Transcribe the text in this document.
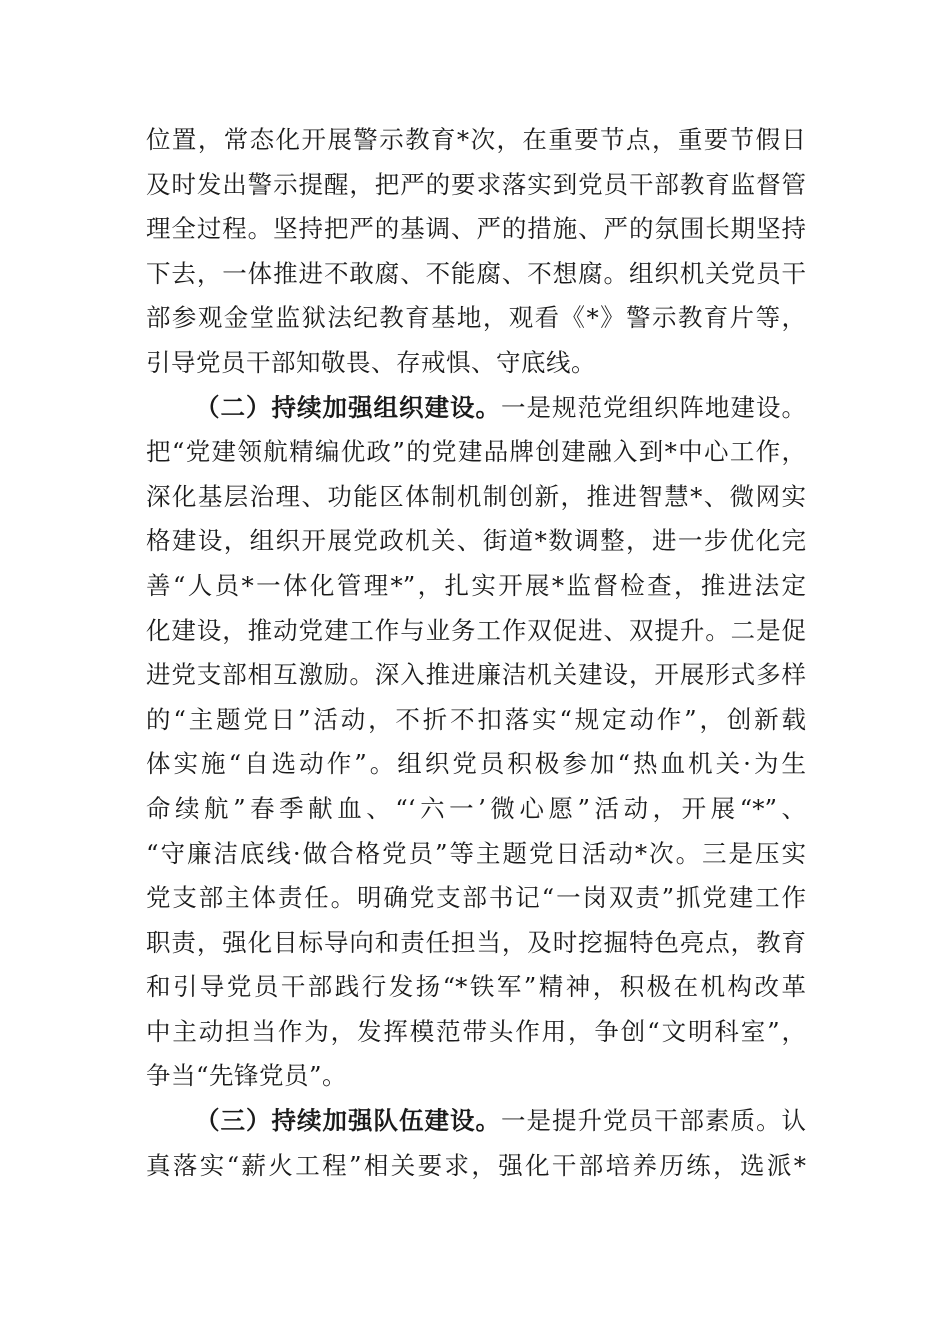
位置，常态化开展警示教育*次，在重要节点，重要节假日
及时发出警示提醒，把严的要求落实到党员干部教育监督管
理全过程。坚持把严的基调、严的措施、严的氛围长期坚持
下去，一体推进不敢腐、不能腐、不想腐。组织机关党员干
部参观金堂监狱法纪教育基地，观看《*》警示教育片等，
引导党员干部知敬畏、存戒惧、守底线。
（二）持续加强组织建设。一是规范党组织阵地建设。
把“党建领航精编优政”的党建品牌创建融入到*中心工作，
深化基层治理、功能区体制机制创新，推进智慧*、微网实
格建设，组织开展党政机关、街道*数调整，进一步优化完
善“人员*一体化管理*”，扎实开展*监督检查，推进法定
化建设，推动党建工作与业务工作双促进、双提升。二是促
进党支部相互激励。深入推进廉洁机关建设，开展形式多样
的“主题党日”活动，不折不扣落实“规定动作”，创新载
体实施“自选动作”。组织党员积极参加“热血机关·为生
命续航”春季献血、“‘六一’微心愿”活动，开展“*”、
“守廉洁底线·做合格党员”等主题党日活动*次。三是压实
党支部主体责任。明确党支部书记“一岗双责”抓党建工作
职责，强化目标导向和责任担当，及时挖掘特色亮点，教育
和引导党员干部践行发扬“*铁军”精神，积极在机构改革
中主动担当作为，发挥模范带头作用，争创“文明科室”，
争当“先锋党员”。
（三）持续加强队伍建设。一是提升党员干部素质。认
真落实“薪火工程”相关要求，强化干部培养历练，选派*
